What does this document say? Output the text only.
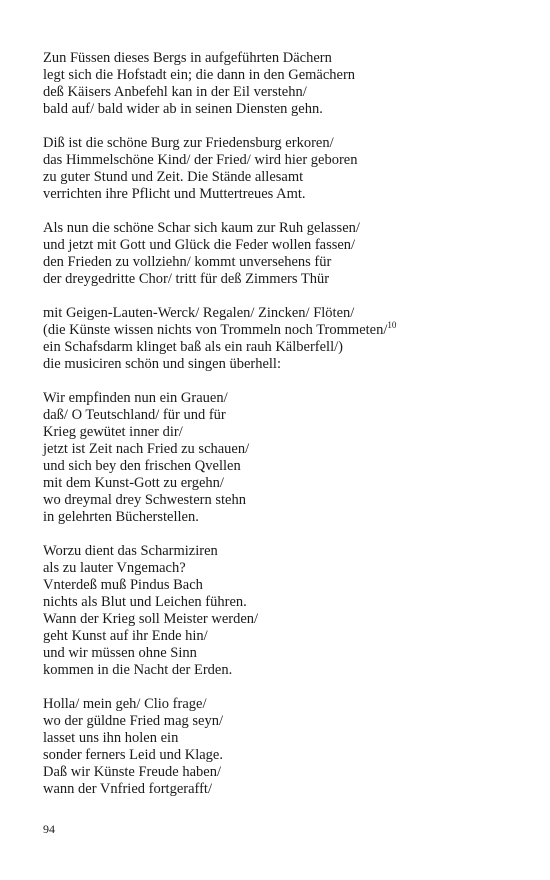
Zun Füssen dieses Bergs in aufgeführten Dächern
legt sich die Hofstadt ein; die dann in den Gemächern
deß Käisers Anbefehl kan in der Eil verstehn/
bald auf/ bald wider ab in seinen Diensten gehn.
Diß ist die schöne Burg zur Friedensburg erkoren/
das Himmelschöne Kind/ der Fried/ wird hier geboren
zu guter Stund und Zeit. Die Stände allesamt
verrichten ihre Pflicht und Muttertreues Amt.
Als nun die schöne Schar sich kaum zur Ruh gelassen/
und jetzt mit Gott und Glück die Feder wollen fassen/
den Frieden zu vollziehn/ kommt unversehens für
der dreygedritte Chor/ tritt für deß Zimmers Thür
mit Geigen-Lauten-Werck/ Regalen/ Zincken/ Flöten/
(die Künste wissen nichts von Trommeln noch Trommeten/$^{10}$
ein Schafsdarm klinget baß als ein rauh Kälberfell/)
die musiciren schön und singen überhell:
Wir empfinden nun ein Grauen/
daß/ O Teutschland/ für und für
Krieg gewütet inner dir/
jetzt ist Zeit nach Fried zu schauen/
und sich bey den frischen Qvellen
mit dem Kunst-Gott zu ergehn/
wo dreymal drey Schwestern stehn
in gelehrten Bücherstellen.
Worzu dient das Scharmiziren
als zu lauter Vngemach?
Vnterdeß muß Pindus Bach
nichts als Blut und Leichen führen.
Wann der Krieg soll Meister werden/
geht Kunst auf ihr Ende hin/
und wir müssen ohne Sinn
kommen in die Nacht der Erden.
Holla/ mein geh/ Clio frage/
wo der güldne Fried mag seyn/
lasset uns ihn holen ein
sonder ferners Leid und Klage.
Daß wir Künste Freude haben/
wann der Vnfried fortgerafft/
94
